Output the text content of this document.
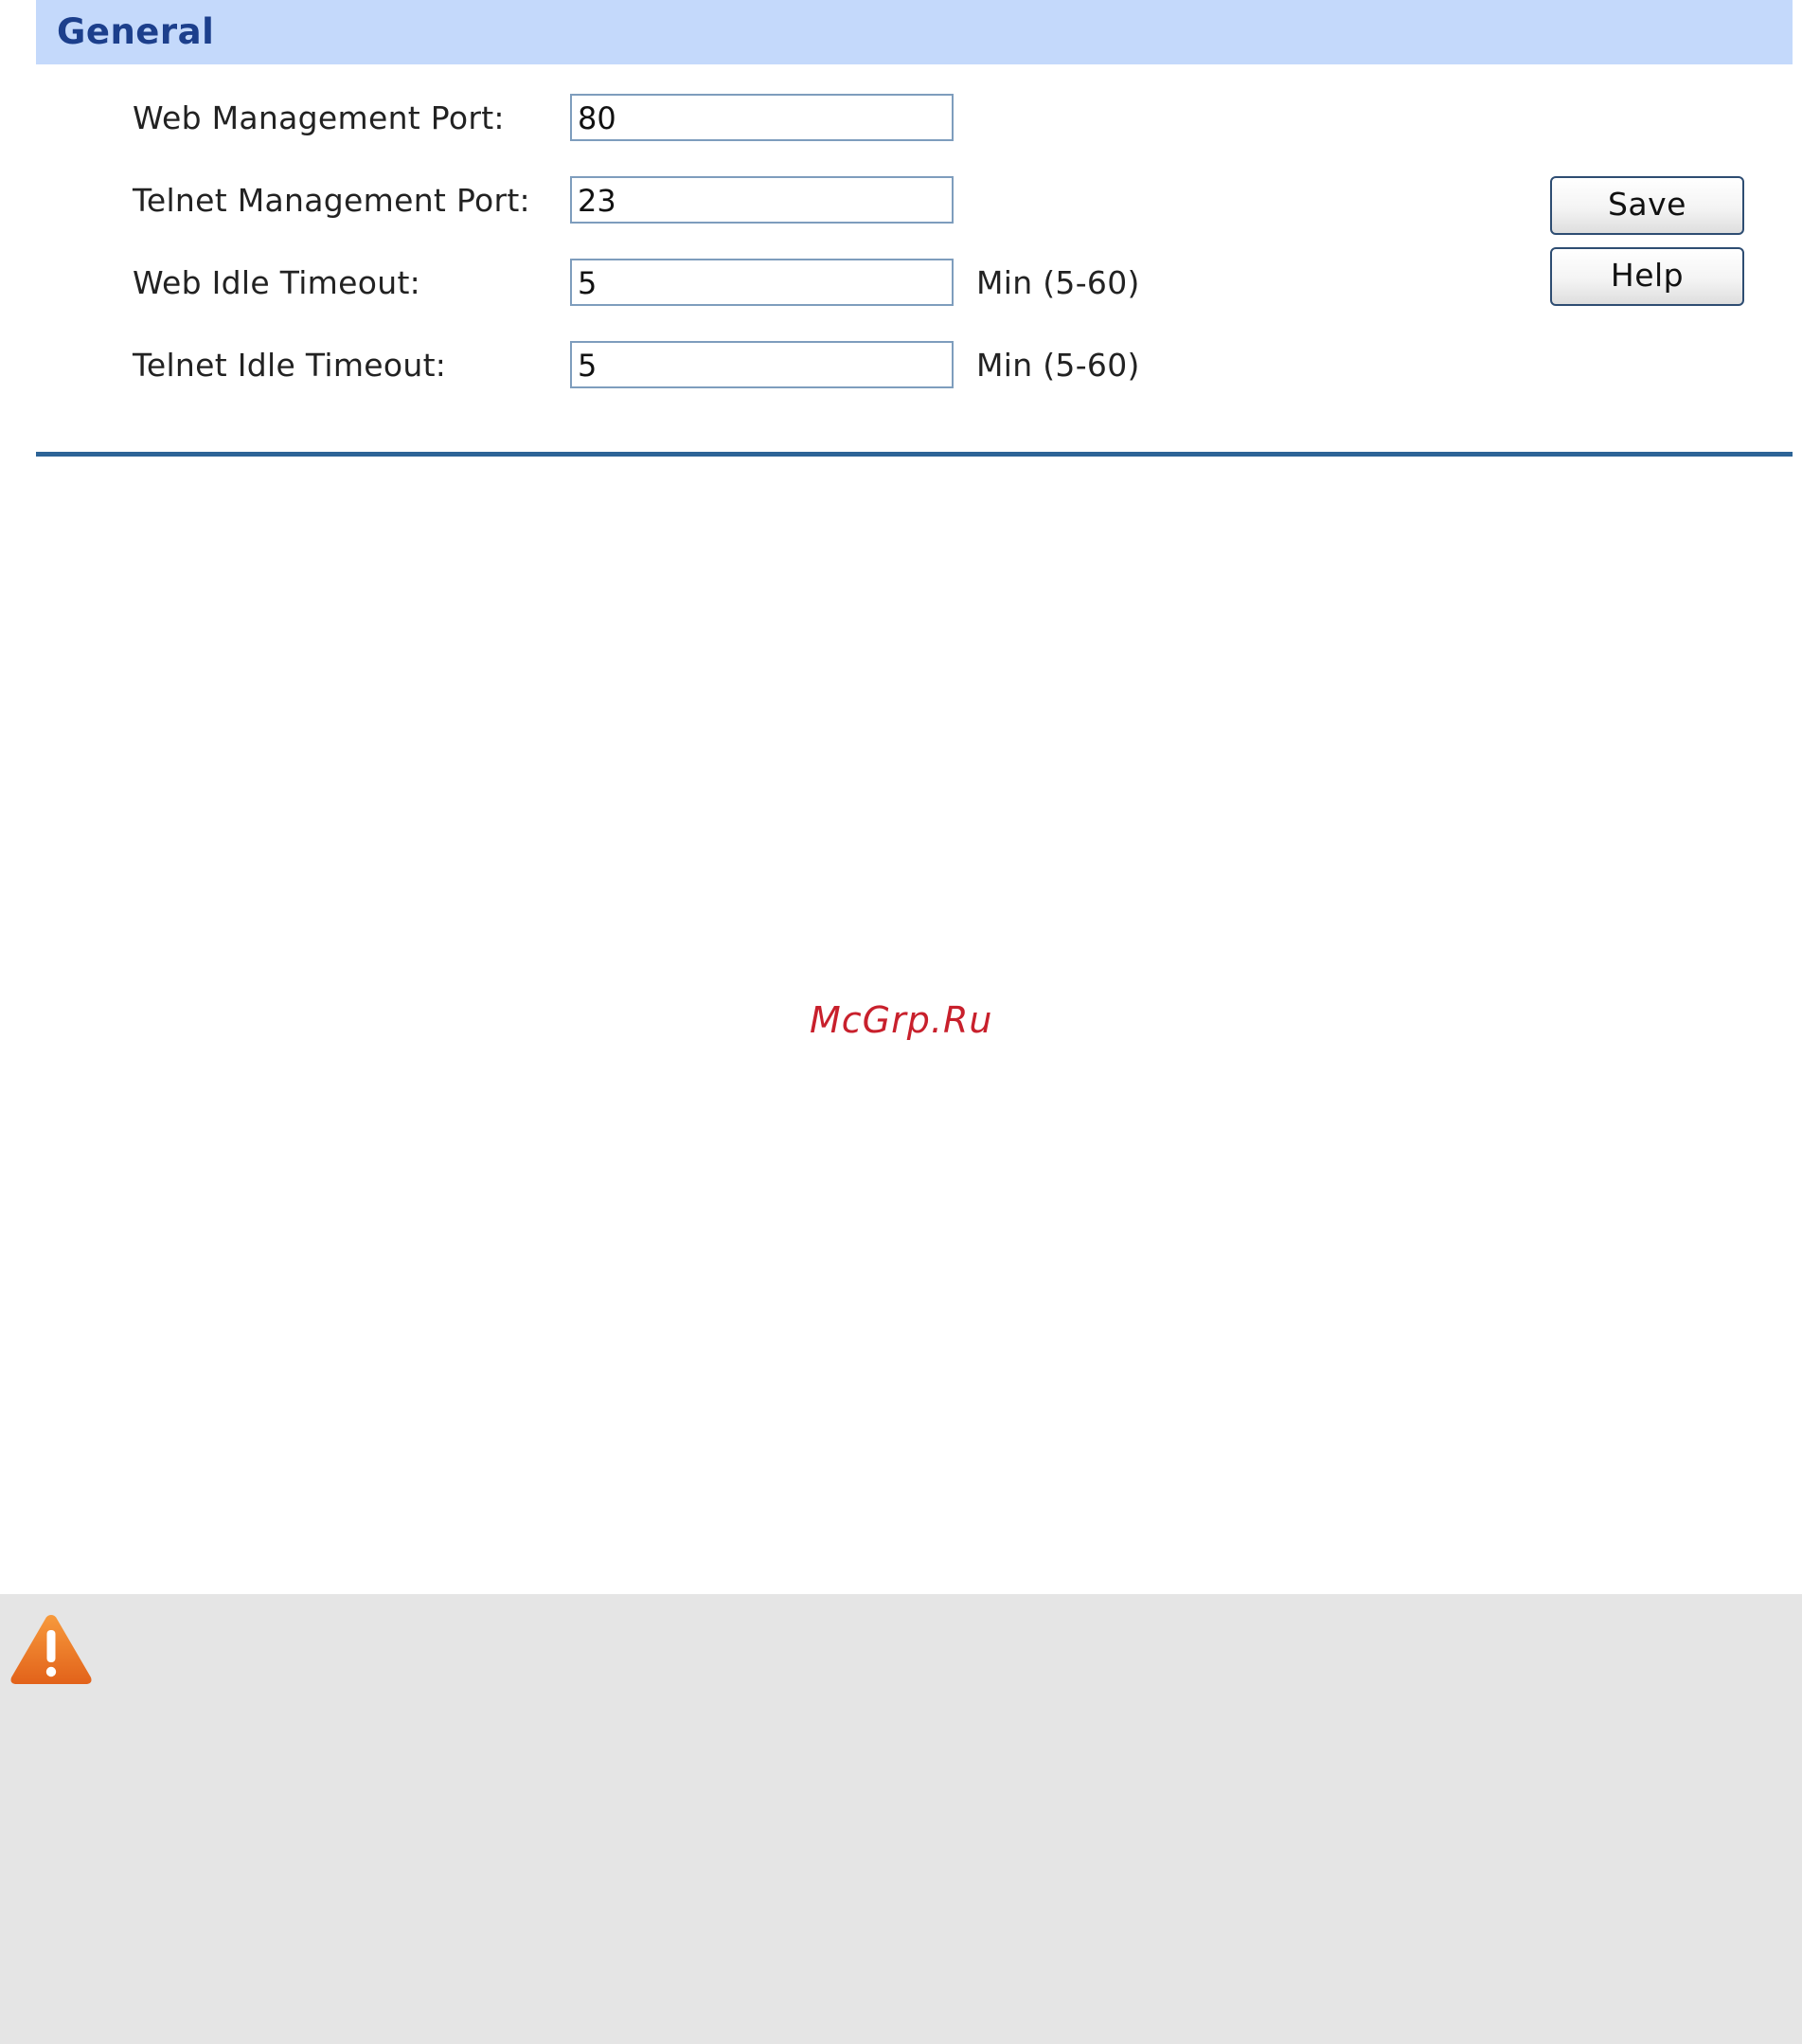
General
Web Management Port:
80
Telnet Management Port:
23
Web Idle Timeout:
5	Min (5-60)
Telnet Idle Timeout:
5	Min (5-60)
Save
Help
McGrp.Ru
